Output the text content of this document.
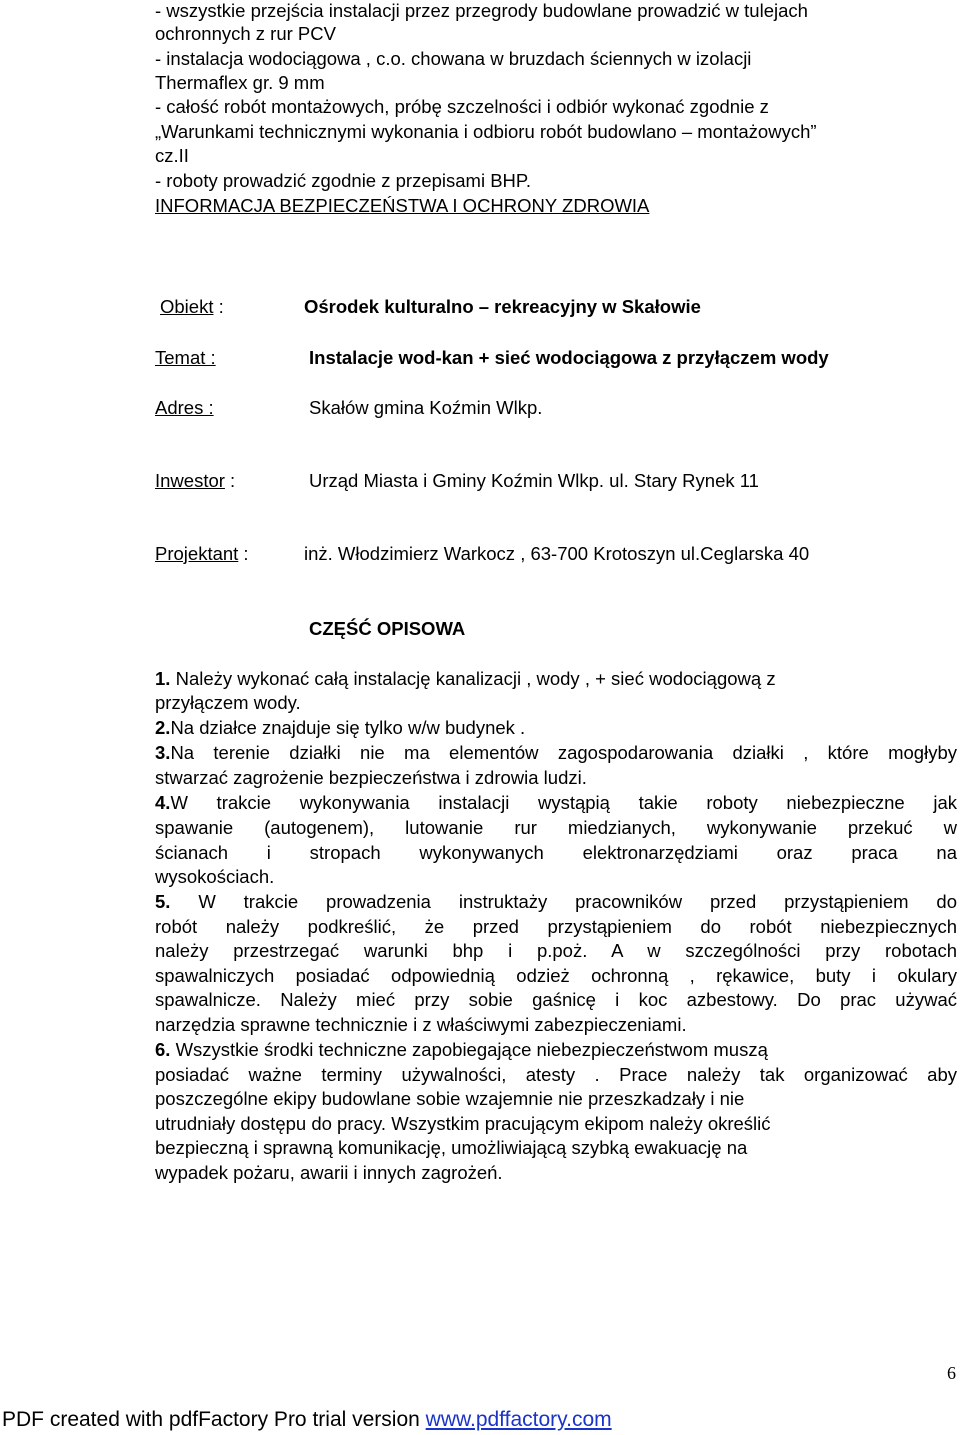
- wszystkie przejścia instalacji przez przegrody budowlane prowadzić w tulejach
ochronnych z rur PCV
- instalacja wodociągowa , c.o. chowana w bruzdach ściennych w izolacji
Thermaflex gr. 9 mm
- całość robót montażowych, próbę szczelności i odbiór wykonać zgodnie z
„Warunkami technicznymi wykonania i odbioru robót budowlano – montażowych”
cz.II
- roboty prowadzić zgodnie z przepisami BHP.
INFORMACJA BEZPIECZEŃSTWA I OCHRONY ZDROWIA
Obiekt :	Ośrodek kulturalno – rekreacyjny w Skałowie
Temat :	Instalacje wod-kan + sieć wodociągowa z przyłączem wody
Adres :	Skałów gmina Koźmin Wlkp.
Inwestor :	Urząd Miasta i Gminy Koźmin Wlkp. ul. Stary Rynek 11
Projektant :	inż. Włodzimierz Warkocz , 63-700 Krotoszyn ul.Ceglarska 40
CZĘŚĆ OPISOWA
1. Należy wykonać całą instalację kanalizacji , wody , + sieć wodociągową z
przyłączem wody.
2.Na działce znajduje się tylko w/w budynek .
3.Na terenie działki nie ma elementów zagospodarowania działki , które mogłyby
stwarzać zagrożenie bezpieczeństwa i zdrowia ludzi.
4.W trakcie wykonywania instalacji wystąpią takie roboty niebezpieczne jak
spawanie (autogenem), lutowanie rur miedzianych, wykonywanie przekuć w
ścianach i stropach wykonywanych elektronarzędziami oraz praca na
wysokościach.
5. W trakcie prowadzenia instruktaży pracowników przed przystąpieniem do
robót należy podkreślić, że przed przystąpieniem do robót niebezpiecznych
należy przestrzegać warunki bhp i p.poż. A w szczególności przy robotach
spawalniczych posiadać odpowiednią odzież ochronną , rękawice, buty i okulary
spawalnicze. Należy mieć przy sobie gaśnicę i koc azbestowy. Do prac używać
narzędzia sprawne technicznie i z właściwymi zabezpieczeniami.
6. Wszystkie środki techniczne zapobiegające niebezpieczeństwom muszą
posiadać ważne terminy używalności, atesty . Prace należy tak organizować aby
poszczególne ekipy budowlane sobie wzajemnie nie przeszkadzały i nie
utrudniały dostępu do pracy. Wszystkim pracującym ekipom należy określić
bezpieczną i sprawną komunikację, umożliwiającą szybką ewakuację na
wypadek pożaru, awarii i innych zagrożeń.
6
PDF created with pdfFactory Pro trial version www.pdffactory.com
